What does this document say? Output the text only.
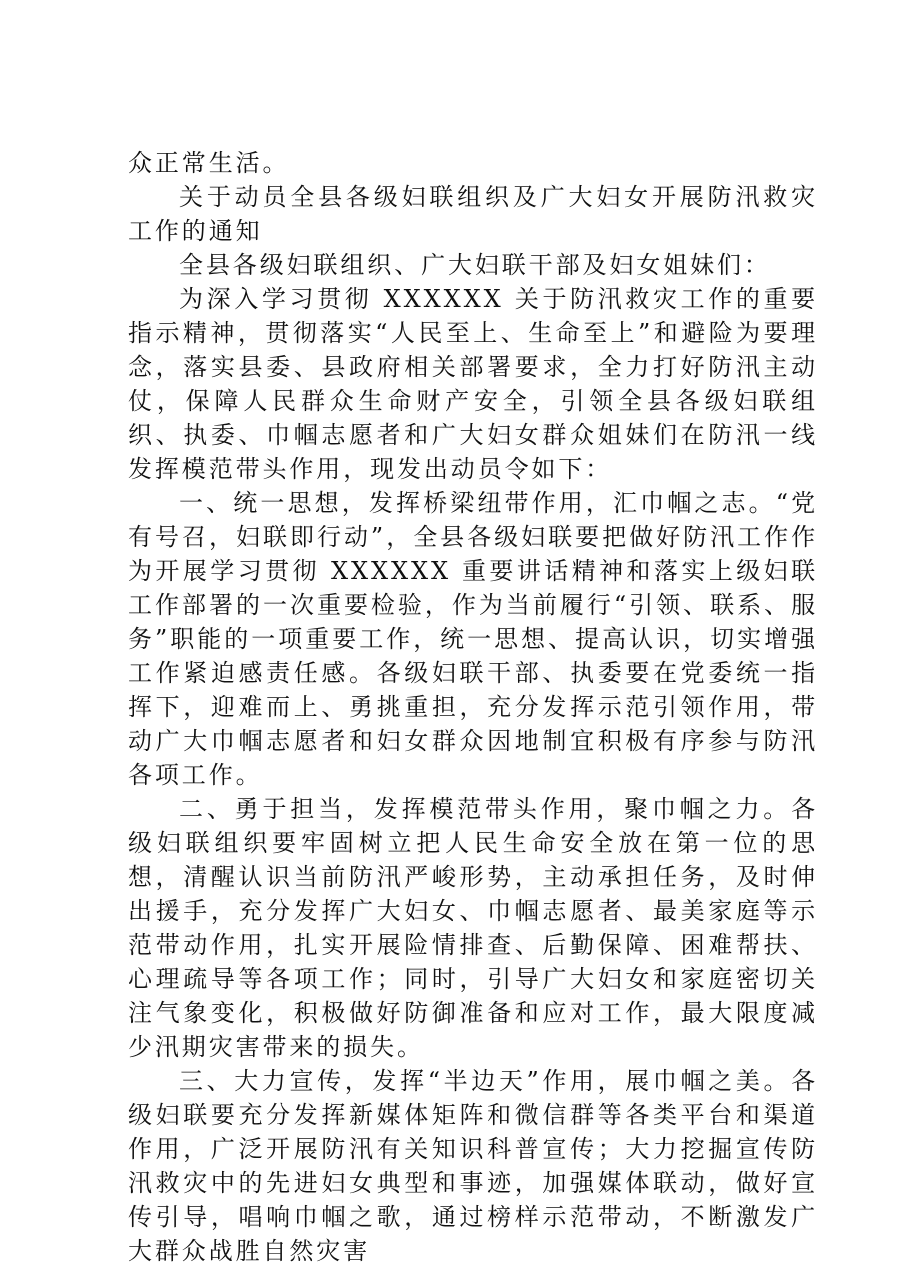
众正常生活。

关于动员全县各级妇联组织及广大妇女开展防汛救灾工作的通知

全县各级妇联组织、广大妇联干部及妇女姐妹们：

为深入学习贯彻 XXXXXX 关于防汛救灾工作的重要指示精神，贯彻落实“人民至上、生命至上”和避险为要理念，落实县委、县政府相关部署要求，全力打好防汛主动仗，保障人民群众生命财产安全，引领全县各级妇联组织、执委、巾帼志愿者和广大妇女群众姐妹们在防汛一线发挥模范带头作用，现发出动员令如下：

一、统一思想，发挥桥梁纽带作用，汇巾帼之志。“党有号召，妇联即行动”，全县各级妇联要把做好防汛工作作为开展学习贯彻 XXXXXX 重要讲话精神和落实上级妇联工作部署的一次重要检验，作为当前履行“引领、联系、服务”职能的一项重要工作，统一思想、提高认识，切实增强工作紧迫感责任感。各级妇联干部、执委要在党委统一指挥下，迎难而上、勇挑重担，充分发挥示范引领作用，带动广大巾帼志愿者和妇女群众因地制宜积极有序参与防汛各项工作。

二、勇于担当，发挥模范带头作用，聚巾帼之力。各级妇联组织要牢固树立把人民生命安全放在第一位的思想，清醒认识当前防汛严峻形势，主动承担任务，及时伸出援手，充分发挥广大妇女、巾帼志愿者、最美家庭等示范带动作用，扎实开展险情排查、后勤保障、困难帮扶、心理疏导等各项工作；同时，引导广大妇女和家庭密切关注气象变化，积极做好防御准备和应对工作，最大限度减少汛期灾害带来的损失。

三、大力宣传，发挥“半边天”作用，展巾帼之美。各级妇联要充分发挥新媒体矩阵和微信群等各类平台和渠道作用，广泛开展防汛有关知识科普宣传；大力挖掘宣传防汛救灾中的先进妇女典型和事迹，加强媒体联动，做好宣传引导，唱响巾帼之歌，通过榜样示范带动，不断激发广大群众战胜自然灾害
